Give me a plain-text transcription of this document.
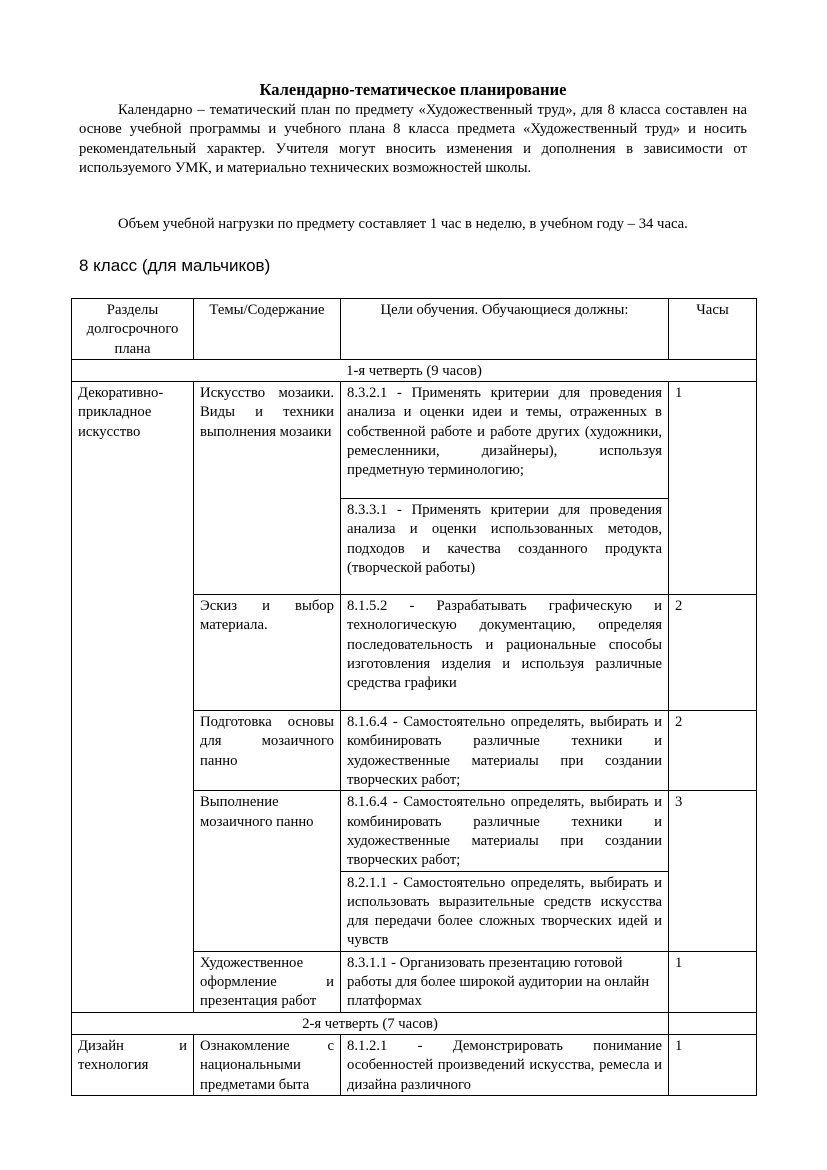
Календарно-тематическое планирование

Календарно – тематический план по предмету «Художественный труд», для 8 класса составлен на основе учебной программы и учебного плана 8 класса предмета «Художественный труд» и носить рекомендательный характер. Учителя могут вносить изменения и дополнения в зависимости от используемого УМК, и материально технических возможностей школы.

Объем учебной нагрузки по предмету составляет 1 час в неделю, в учебном году – 34 часа.

8 класс (для мальчиков)
Разделы долгосрочного плана	Темы/Содержание	Цели обучения. Обучающиеся должны:	Часы
1-я четверть (9 часов)			
Декоративно-прикладное искусство	Искусство мозаики. Виды и техники выполнения мозаики	8.3.2.1 - Применять критерии для проведения анализа и оценки идеи и темы, отраженных в собственной работе и работе других (художники, ремесленники, дизайнеры), используя предметную терминологию;	1
		8.3.3.1 - Применять критерии для проведения анализа и оценки использованных методов, подходов и качества созданного продукта (творческой работы)	
	Эскиз и выбор материала.	8.1.5.2 - Разрабатывать графическую и технологическую документацию, определяя последовательность и рациональные способы изготовления изделия и используя различные средства графики	2
	Подготовка основы для мозаичного панно	8.1.6.4 - Самостоятельно определять, выбирать и комбинировать различные техники и художественные материалы при создании творческих работ;	2
	Выполнение мозаичного панно	8.1.6.4 - Самостоятельно определять, выбирать и комбинировать различные техники и художественные материалы при создании творческих работ;	3
		8.2.1.1 - Самостоятельно определять, выбирать и использовать выразительные средств искусства для передачи более сложных творческих идей и чувств	
	Художественное оформление и презентация работ	8.3.1.1 - Организовать презентацию готовой работы для более широкой аудитории на онлайн платформах	1
2-я четверть (7 часов)			
Дизайн и технология	Ознакомление с национальными предметами быта	8.1.2.1 - Демонстрировать понимание особенностей произведений искусства, ремесла и дизайна различного	1
